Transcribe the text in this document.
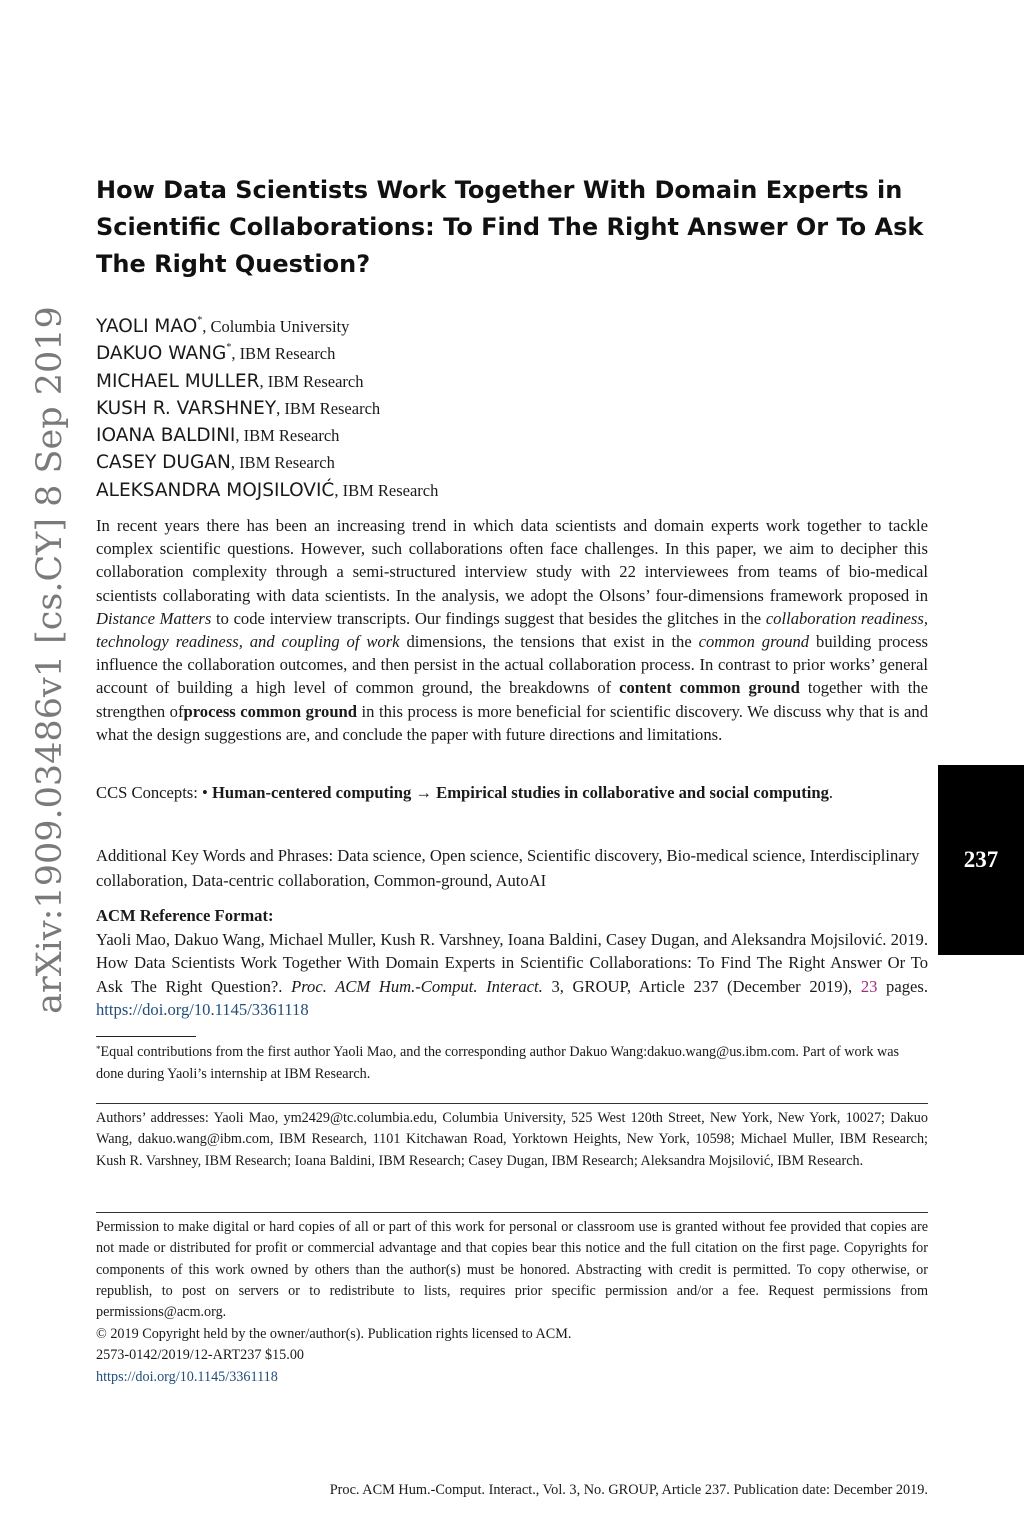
arXiv:1909.03486v1 [cs.CY] 8 Sep 2019
How Data Scientists Work Together With Domain Experts in Scientific Collaborations: To Find The Right Answer Or To Ask The Right Question?
YAOLI MAO*, Columbia University
DAKUO WANG*, IBM Research
MICHAEL MULLER, IBM Research
KUSH R. VARSHNEY, IBM Research
IOANA BALDINI, IBM Research
CASEY DUGAN, IBM Research
ALEKSANDRA MOJSILOVIĆ, IBM Research

In recent years there has been an increasing trend in which data scientists and domain experts work together to tackle complex scientific questions. However, such collaborations often face challenges. In this paper, we aim to decipher this collaboration complexity through a semi-structured interview study with 22 interviewees from teams of bio-medical scientists collaborating with data scientists. In the analysis, we adopt the Olsons’ four-dimensions framework proposed in Distance Matters to code interview transcripts. Our findings suggest that besides the glitches in the collaboration readiness, technology readiness, and coupling of work dimensions, the tensions that exist in the common ground building process influence the collaboration outcomes, and then persist in the actual collaboration process. In contrast to prior works’ general account of building a high level of common ground, the breakdowns of content common ground together with the strengthen ofprocess common ground in this process is more beneficial for scientific discovery. We discuss why that is and what the design suggestions are, and conclude the paper with future directions and limitations.

CCS Concepts: • Human-centered computing → Empirical studies in collaborative and social computing.
Additional Key Words and Phrases: Data science, Open science, Scientific discovery, Bio-medical science, Interdisciplinary collaboration, Data-centric collaboration, Common-ground, AutoAI
ACM Reference Format:
Yaoli Mao, Dakuo Wang, Michael Muller, Kush R. Varshney, Ioana Baldini, Casey Dugan, and Aleksandra Mojsilović. 2019. How Data Scientists Work Together With Domain Experts in Scientific Collaborations: To Find The Right Answer Or To Ask The Right Question?. Proc. ACM Hum.-Comput. Interact. 3, GROUP, Article 237 (December 2019), 23 pages. https://doi.org/10.1145/3361118
*Equal contributions from the first author Yaoli Mao, and the corresponding author Dakuo Wang:dakuo.wang@us.ibm.com. Part of work was done during Yaoli’s internship at IBM Research.
Authors’ addresses: Yaoli Mao, ym2429@tc.columbia.edu, Columbia University, 525 West 120th Street, New York, New York, 10027; Dakuo Wang, dakuo.wang@ibm.com, IBM Research, 1101 Kitchawan Road, Yorktown Heights, New York, 10598; Michael Muller, IBM Research; Kush R. Varshney, IBM Research; Ioana Baldini, IBM Research; Casey Dugan, IBM Research; Aleksandra Mojsilović, IBM Research.
Permission to make digital or hard copies of all or part of this work for personal or classroom use is granted without fee provided that copies are not made or distributed for profit or commercial advantage and that copies bear this notice and the full citation on the first page. Copyrights for components of this work owned by others than the author(s) must be honored. Abstracting with credit is permitted. To copy otherwise, or republish, to post on servers or to redistribute to lists, requires prior specific permission and/or a fee. Request permissions from permissions@acm.org.
© 2019 Copyright held by the owner/author(s). Publication rights licensed to ACM.
2573-0142/2019/12-ART237 $15.00
https://doi.org/10.1145/3361118
Proc. ACM Hum.-Comput. Interact., Vol. 3, No. GROUP, Article 237. Publication date: December 2019.
237
